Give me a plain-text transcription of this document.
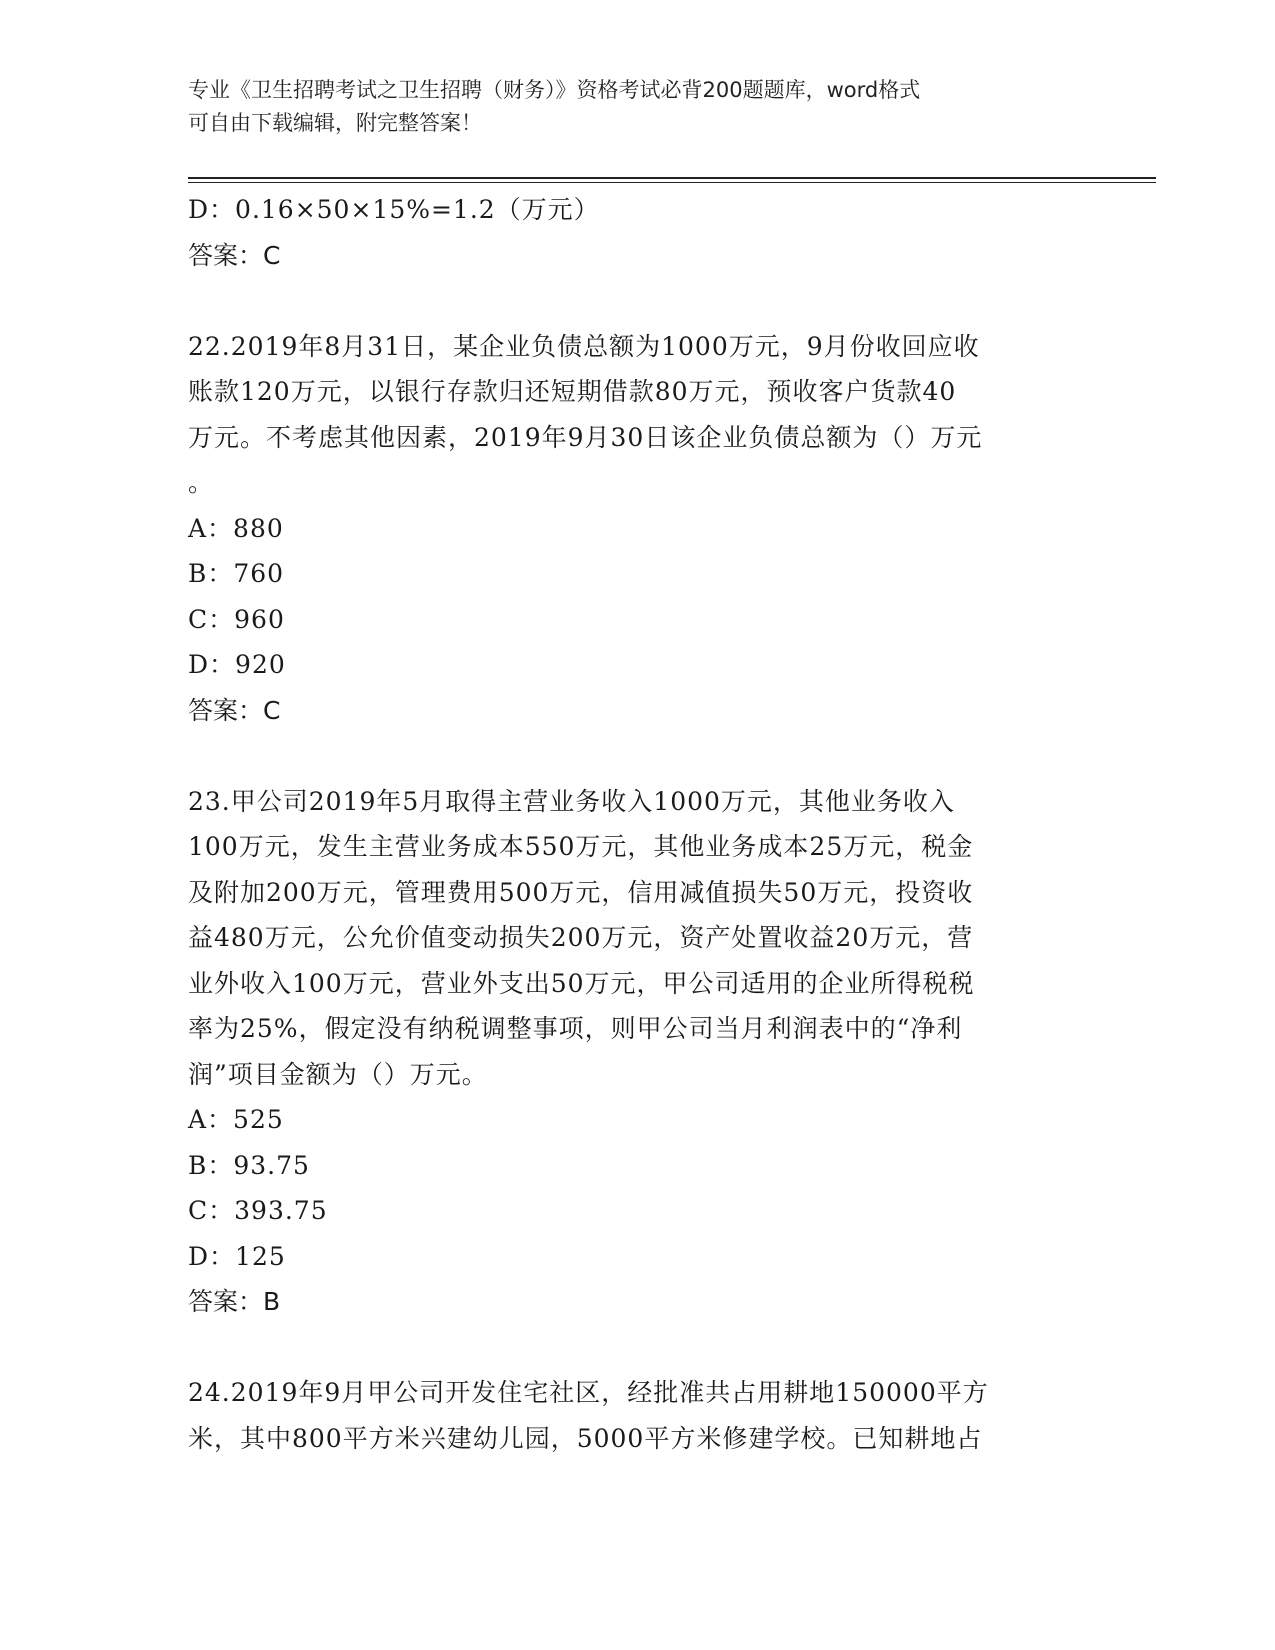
专业《卫生招聘考试之卫生招聘（财务）》资格考试必背200题题库，word格式
可自由下载编辑，附完整答案！
D：0.16×50×15%=1.2（万元）
答案：C
22.2019年8月31日，某企业负债总额为1000万元，9月份收回应收
账款120万元，以银行存款归还短期借款80万元，预收客户货款40
万元。不考虑其他因素，2019年9月30日该企业负债总额为（）万元
。
A：880
B：760
C：960
D：920
答案：C
23.甲公司2019年5月取得主营业务收入1000万元，其他业务收入
100万元，发生主营业务成本550万元，其他业务成本25万元，税金
及附加200万元，管理费用500万元，信用减值损失50万元，投资收
益480万元，公允价值变动损失200万元，资产处置收益20万元，营
业外收入100万元，营业外支出50万元，甲公司适用的企业所得税税
率为25%，假定没有纳税调整事项，则甲公司当月利润表中的“净利
润”项目金额为（）万元。
A：525
B：93.75
C：393.75
D：125
答案：B
24.2019年9月甲公司开发住宅社区，经批准共占用耕地150000平方
米，其中800平方米兴建幼儿园，5000平方米修建学校。已知耕地占
